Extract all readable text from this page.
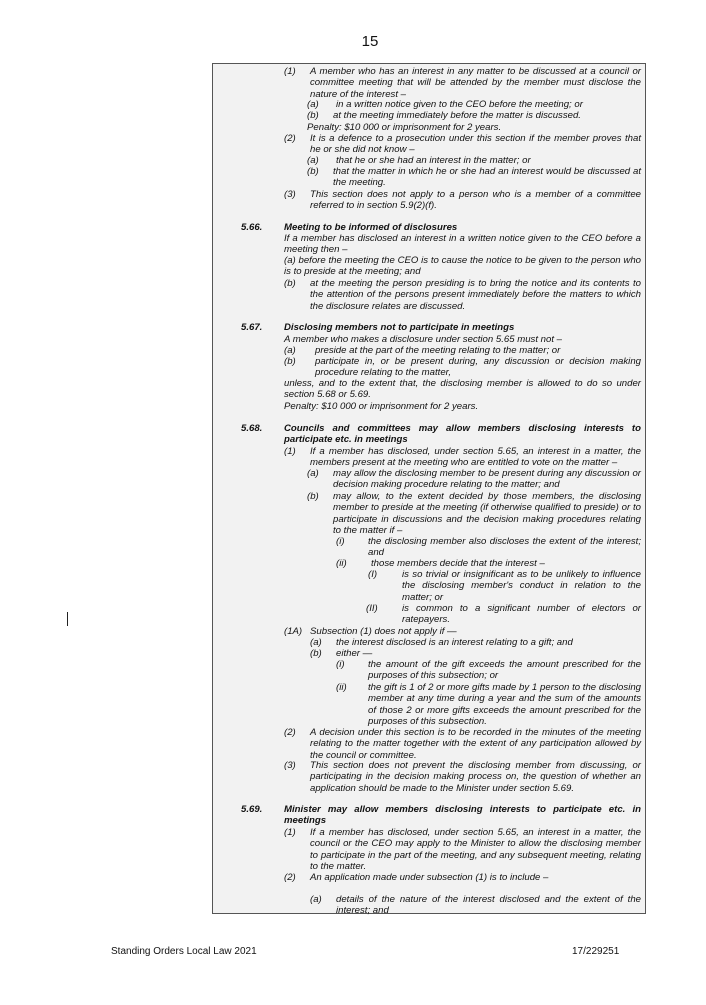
15
(1) A member who has an interest in any matter to be discussed at a council or committee meeting that will be attended by the member must disclose the nature of the interest –
(a) in a written notice given to the CEO before the meeting; or
(b) at the meeting immediately before the matter is discussed.
Penalty: $10 000 or imprisonment for 2 years.
(2) It is a defence to a prosecution under this section if the member proves that he or she did not know –
(a) that he or she had an interest in the matter; or
(b) that the matter in which he or she had an interest would be discussed at the meeting.
(3) This section does not apply to a person who is a member of a committee referred to in section 5.9(2)(f).
5.66. Meeting to be informed of disclosures
If a member has disclosed an interest in a written notice given to the CEO before a meeting then –
(a) before the meeting the CEO is to cause the notice to be given to the person who is to preside at the meeting; and
(b) at the meeting the person presiding is to bring the notice and its contents to the attention of the persons present immediately before the matters to which the disclosure relates are discussed.
5.67. Disclosing members not to participate in meetings
A member who makes a disclosure under section 5.65 must not –
(a) preside at the part of the meeting relating to the matter; or
(b) participate in, or be present during, any discussion or decision making procedure relating to the matter,
unless, and to the extent that, the disclosing member is allowed to do so under section 5.68 or 5.69.
Penalty: $10 000 or imprisonment for 2 years.
5.68. Councils and committees may allow members disclosing interests to participate etc. in meetings
(1) If a member has disclosed, under section 5.65, an interest in a matter, the members present at the meeting who are entitled to vote on the matter –
(a) may allow the disclosing member to be present during any discussion or decision making procedure relating to the matter; and
(b) may allow, to the extent decided by those members, the disclosing member to preside at the meeting (if otherwise qualified to preside) or to participate in discussions and the decision making procedures relating to the matter if –
(i) the disclosing member also discloses the extent of the interest; and
(ii)	those members decide that the interest –
(I)	is so trivial or insignificant as to be unlikely to influence the disclosing member's conduct in relation to the matter; or
(II)	is common to a significant number of electors or ratepayers.
(1A) Subsection (1) does not apply if —
(a) the interest disclosed is an interest relating to a gift; and
(b) either —
(i) the amount of the gift exceeds the amount prescribed for the purposes of this subsection; or
(ii) the gift is 1 of 2 or more gifts made by 1 person to the disclosing member at any time during a year and the sum of the amounts of those 2 or more gifts exceeds the amount prescribed for the purposes of this subsection.
(2) A decision under this section is to be recorded in the minutes of the meeting relating to the matter together with the extent of any participation allowed by the council or committee.
(3) This section does not prevent the disclosing member from discussing, or participating in the decision making process on, the question of whether an application should be made to the Minister under section 5.69.
5.69. Minister may allow members disclosing interests to participate etc. in meetings
(1) If a member has disclosed, under section 5.65, an interest in a matter, the council or the CEO may apply to the Minister to allow the disclosing member to participate in the part of the meeting, and any subsequent meeting, relating to the matter.
(2) An application made under subsection (1) is to include –
(a) details of the nature of the interest disclosed and the extent of the interest; and
Standing Orders Local Law 2021	17/229251
